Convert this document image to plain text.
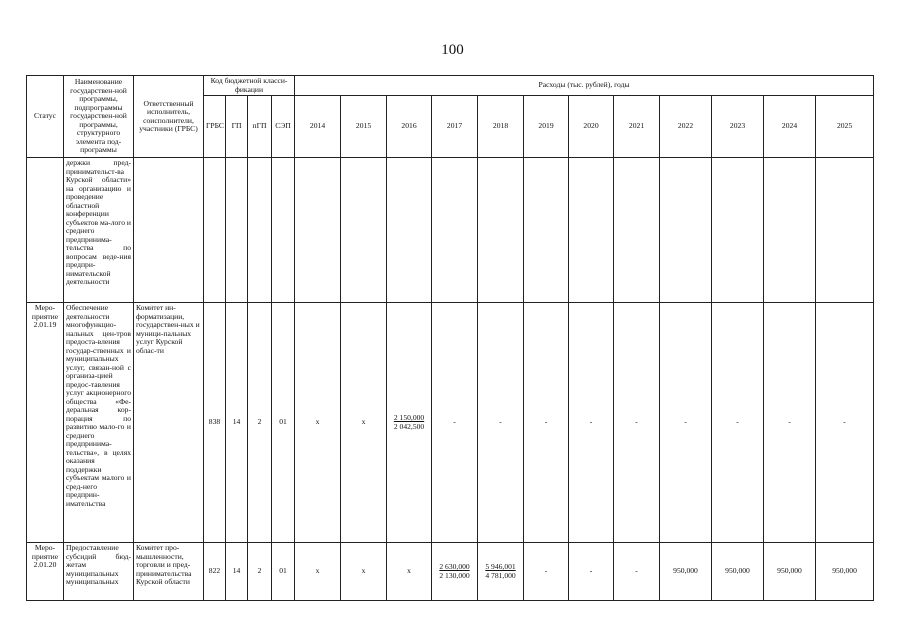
100
Статус	Наименование государствен-ной программы, подпрограммы государствен-ной программы, структурного элемента под-программы	Ответственный исполнитель, соисполнители, участники (ГРБС)	Код бюджетной класси-фикации				Расходы (тыс. рублей), годы											
			ГРБС	ГП	пГП	СЭП	2014	2015	2016	2017	2018	2019	2020	2021	2022	2023	2024	2025
	держки пред-принимательст-ва Курской области» на организацию и проведение областной конференции субъектов ма-лого и среднего предпринима-тельства по вопросам веде-ния предпри-нимательской деятельности																	
Меро-приятие 2.01.19	Обеспечение деятельности многофункцио-нальных цен-тров предоста-вления государ-ственных и муниципальных услуг, связан-ной с организа-цией предос-тавления услуг акционерного общества «Фе-деральная кор-порация по развитию мало-го и среднего предпринима-тельства», в целях оказания поддержки субъектам малого и сред-него предприн-имательства	Комитет ин-форматизации, государствен-ных и муници-пальных услуг Курской облас-ти	838	14	2	01	x	x	$\frac{2 150,000}{2 042,500}$	-	-	-	-	-	-	-	-	-
Меро-приятие 2.01.20	Предоставление субсидий бюд-жетам муниципальных муниципальных	Комитет про-мышленности, торговли и пред-принимательства Курской области	822	14	2	01	x	x	x	$\frac{2 630,000}{2 130,000}$	$\frac{5 946,001}{4 781,000}$	-	-	-	950,000	950,000	950,000	950,000
